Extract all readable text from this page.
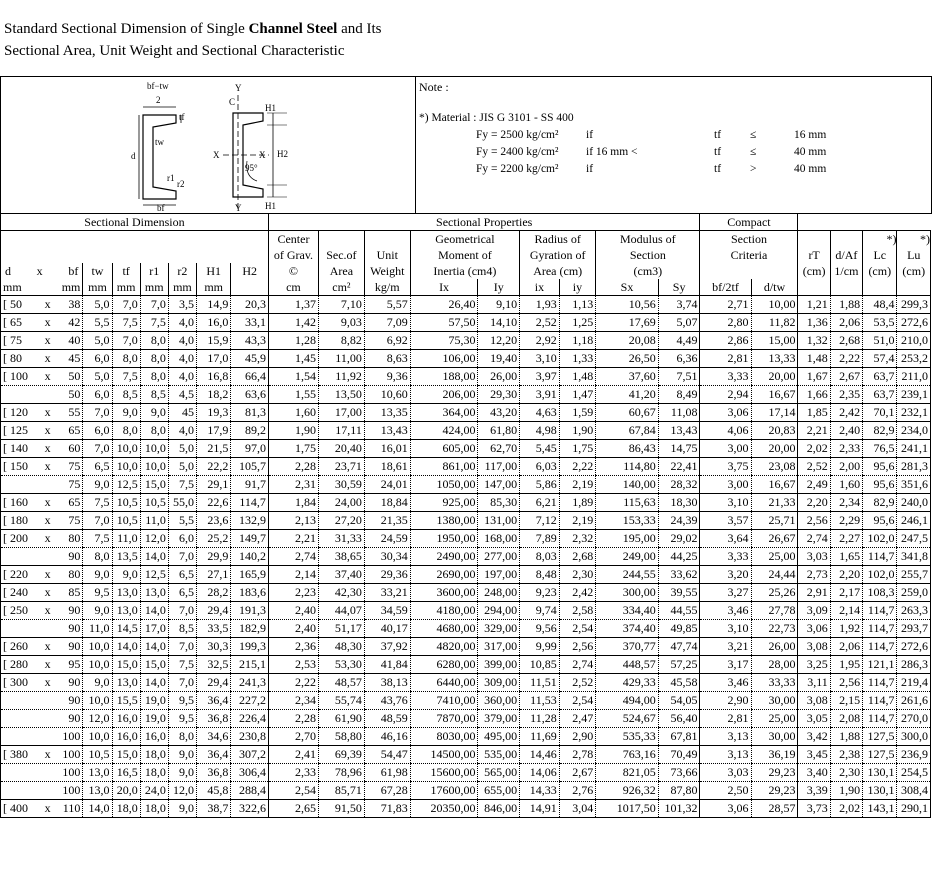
Standard Sectional Dimension of Single Channel Steel and Its
Sectional Area, Unit Weight and Sectional Characteristic
bf−tw
2
tf
tw
d
r1
r2
bf
Y
C
X	X
95°
H1
H2
H1
Y
Note :
*) Material : JIS G 3101 - SS 400
Fy = 2500 kg/cm² if	tf	≤	16 mm
Fy = 2400 kg/cm² if 16 mm <	tf	≤	40 mm
Fy = 2200 kg/cm² if	tf	>	40 mm
Sectional Dimension							Sectional Properties									Compact					
							Center			Geometrical		Radius of		Modulus of		Section				*)	*)
							of Grav.	Sec.of	Unit	Moment of		Gyration of		Section		Criteria		rT	d/Af	Lc	Lu

d x bf	tw	tf	r1	r2	H1	H2	©	Area	Weight	Inertia (cm4)		Area (cm)		(cm3)				(cm)	1/cm	(cm)	(cm)

mm mm	mm	mm	mm	mm	mm		cm	cm²	kg/m	Ix	Iy	ix	iy	Sx	Sy	bf/2tf	d/tw				

[ 50 x 38	5,0	7,0	7,0	3,5	14,9	20,3	1,37	7,10	5,57	26,40	9,10	1,93	1,13	10,56	3,74	2,71	10,00	1,21	1,88	48,4	299,3

[ 65 x 42	5,5	7,5	7,5	4,0	16,0	33,1	1,42	9,03	7,09	57,50	14,10	2,52	1,25	17,69	5,07	2,80	11,82	1,36	2,06	53,5	272,6

[ 75 x 40	5,0	7,0	8,0	4,0	15,9	43,3	1,28	8,82	6,92	75,30	12,20	2,92	1,18	20,08	4,49	2,86	15,00	1,32	2,68	51,0	210,0

[ 80 x 45	6,0	8,0	8,0	4,0	17,0	45,9	1,45	11,00	8,63	106,00	19,40	3,10	1,33	26,50	6,36	2,81	13,33	1,48	2,22	57,4	253,2

[ 100 x 50	5,0	7,5	8,0	4,0	16,8	66,4	1,54	11,92	9,36	188,00	26,00	3,97	1,48	37,60	7,51	3,33	20,00	1,67	2,67	63,7	211,0

50	6,0	8,5	8,5	4,5	18,2	63,6	1,55	13,50	10,60	206,00	29,30	3,91	1,47	41,20	8,49	2,94	16,67	1,66	2,35	63,7	239,1

[ 120 x 55	7,0	9,0	9,0	45	19,3	81,3	1,60	17,00	13,35	364,00	43,20	4,63	1,59	60,67	11,08	3,06	17,14	1,85	2,42	70,1	232,1

[ 125 x 65	6,0	8,0	8,0	4,0	17,9	89,2	1,90	17,11	13,43	424,00	61,80	4,98	1,90	67,84	13,43	4,06	20,83	2,21	2,40	82,9	234,0

[ 140 x 60	7,0	10,0	10,0	5,0	21,5	97,0	1,75	20,40	16,01	605,00	62,70	5,45	1,75	86,43	14,75	3,00	20,00	2,02	2,33	76,5	241,1

[ 150 x 75	6,5	10,0	10,0	5,0	22,2	105,7	2,28	23,71	18,61	861,00	117,00	6,03	2,22	114,80	22,41	3,75	23,08	2,52	2,00	95,6	281,3

75	9,0	12,5	15,0	7,5	29,1	91,7	2,31	30,59	24,01	1050,00	147,00	5,86	2,19	140,00	28,32	3,00	16,67	2,49	1,60	95,6	351,6

[ 160 x 65	7,5	10,5	10,5	55,0	22,6	114,7	1,84	24,00	18,84	925,00	85,30	6,21	1,89	115,63	18,30	3,10	21,33	2,20	2,34	82,9	240,0

[ 180 x 75	7,0	10,5	11,0	5,5	23,6	132,9	2,13	27,20	21,35	1380,00	131,00	7,12	2,19	153,33	24,39	3,57	25,71	2,56	2,29	95,6	246,1

[ 200 x 80	7,5	11,0	12,0	6,0	25,2	149,7	2,21	31,33	24,59	1950,00	168,00	7,89	2,32	195,00	29,02	3,64	26,67	2,74	2,27	102,0	247,5

90	8,0	13,5	14,0	7,0	29,9	140,2	2,74	38,65	30,34	2490,00	277,00	8,03	2,68	249,00	44,25	3,33	25,00	3,03	1,65	114,7	341,8

[ 220 x 80	9,0	9,0	12,5	6,5	27,1	165,9	2,14	37,40	29,36	2690,00	197,00	8,48	2,30	244,55	33,62	3,20	24,44	2,73	2,20	102,0	255,7

[ 240 x 85	9,5	13,0	13,0	6,5	28,2	183,6	2,23	42,30	33,21	3600,00	248,00	9,23	2,42	300,00	39,55	3,27	25,26	2,91	2,17	108,3	259,0

[ 250 x 90	9,0	13,0	14,0	7,0	29,4	191,3	2,40	44,07	34,59	4180,00	294,00	9,74	2,58	334,40	44,55	3,46	27,78	3,09	2,14	114,7	263,3

90	11,0	14,5	17,0	8,5	33,5	182,9	2,40	51,17	40,17	4680,00	329,00	9,56	2,54	374,40	49,85	3,10	22,73	3,06	1,92	114,7	293,7

[ 260 x 90	10,0	14,0	14,0	7,0	30,3	199,3	2,36	48,30	37,92	4820,00	317,00	9,99	2,56	370,77	47,74	3,21	26,00	3,08	2,06	114,7	272,6

[ 280 x 95	10,0	15,0	15,0	7,5	32,5	215,1	2,53	53,30	41,84	6280,00	399,00	10,85	2,74	448,57	57,25	3,17	28,00	3,25	1,95	121,1	286,3

[ 300 x 90	9,0	13,0	14,0	7,0	29,4	241,3	2,22	48,57	38,13	6440,00	309,00	11,51	2,52	429,33	45,58	3,46	33,33	3,11	2,56	114,7	219,4

90	10,0	15,5	19,0	9,5	36,4	227,2	2,34	55,74	43,76	7410,00	360,00	11,53	2,54	494,00	54,05	2,90	30,00	3,08	2,15	114,7	261,6

90	12,0	16,0	19,0	9,5	36,8	226,4	2,28	61,90	48,59	7870,00	379,00	11,28	2,47	524,67	56,40	2,81	25,00	3,05	2,08	114,7	270,0

100	10,0	16,0	16,0	8,0	34,6	230,8	2,70	58,80	46,16	8030,00	495,00	11,69	2,90	535,33	67,81	3,13	30,00	3,42	1,88	127,5	300,0

[ 380 x 100	10,5	15,0	18,0	9,0	36,4	307,2	2,41	69,39	54,47	14500,00	535,00	14,46	2,78	763,16	70,49	3,13	36,19	3,45	2,38	127,5	236,9

100	13,0	16,5	18,0	9,0	36,8	306,4	2,33	78,96	61,98	15600,00	565,00	14,06	2,67	821,05	73,66	3,03	29,23	3,40	2,30	130,1	254,5

100	13,0	20,0	24,0	12,0	45,8	288,4	2,54	85,71	67,28	17600,00	655,00	14,33	2,76	926,32	87,80	2,50	29,23	3,39	1,90	130,1	308,4

[ 400 x 110	14,0	18,0	18,0	9,0	38,7	322,6	2,65	91,50	71,83	20350,00	846,00	14,91	3,04	1017,50	101,32	3,06	28,57	3,73	2,02	143,1	290,1
